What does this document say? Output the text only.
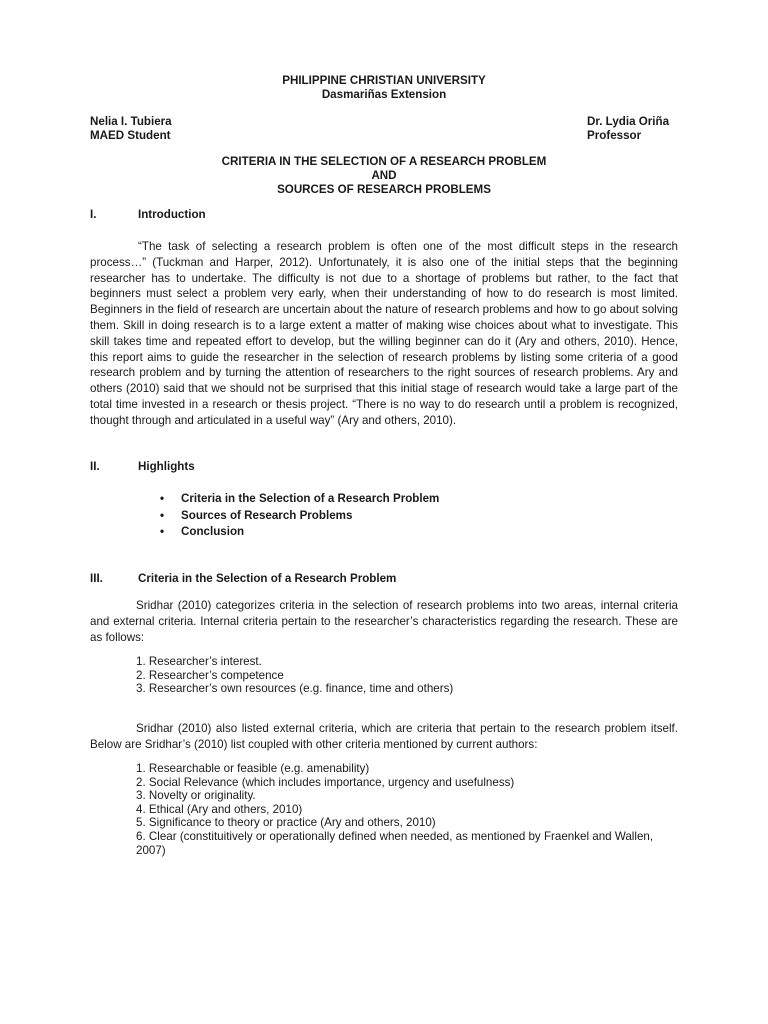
PHILIPPINE CHRISTIAN UNIVERSITY
Dasmariñas Extension
Nelia I. Tubiera
MAED Student
Dr. Lydia Oriña
Professor
CRITERIA IN THE SELECTION OF A RESEARCH PROBLEM
AND
SOURCES OF RESEARCH PROBLEMS
I.	Introduction
“The task of selecting a research problem is often one of the most difficult steps in the research process…” (Tuckman and Harper, 2012). Unfortunately, it is also one of the initial steps that the beginning researcher has to undertake. The difficulty is not due to a shortage of problems but rather, to the fact that beginners must select a problem very early, when their understanding of how to do research is most limited. Beginners in the field of research are uncertain about the nature of research problems and how to go about solving them. Skill in doing research is to a large extent a matter of making wise choices about what to investigate. This skill takes time and repeated effort to develop, but the willing beginner can do it (Ary and others, 2010). Hence, this report aims to guide the researcher in the selection of research problems by listing some criteria of a good research problem and by turning the attention of researchers to the right sources of research problems. Ary and others (2010) said that we should not be surprised that this initial stage of research would take a large part of the total time invested in a research or thesis project. “There is no way to do research until a problem is recognized, thought through and articulated in a useful way” (Ary and others, 2010).
II.	Highlights
• Criteria in the Selection of a Research Problem
• Sources of Research Problems
• Conclusion
III.	Criteria in the Selection of a Research Problem
Sridhar (2010) categorizes criteria in the selection of research problems into two areas, internal criteria and external criteria. Internal criteria pertain to the researcher’s characteristics regarding the research. These are as follows:
1. Researcher’s interest.
2. Researcher’s competence
3. Researcher’s own resources (e.g. finance, time and others)
Sridhar (2010) also listed external criteria, which are criteria that pertain to the research problem itself. Below are Sridhar’s (2010) list coupled with other criteria mentioned by current authors:
1. Researchable or feasible (e.g. amenability)
2. Social Relevance (which includes importance, urgency and usefulness)
3. Novelty or originality.
4. Ethical (Ary and others, 2010)
5. Significance to theory or practice (Ary and others, 2010)
6. Clear (constituitively or operationally defined when needed, as mentioned by Fraenkel and Wallen, 2007)
